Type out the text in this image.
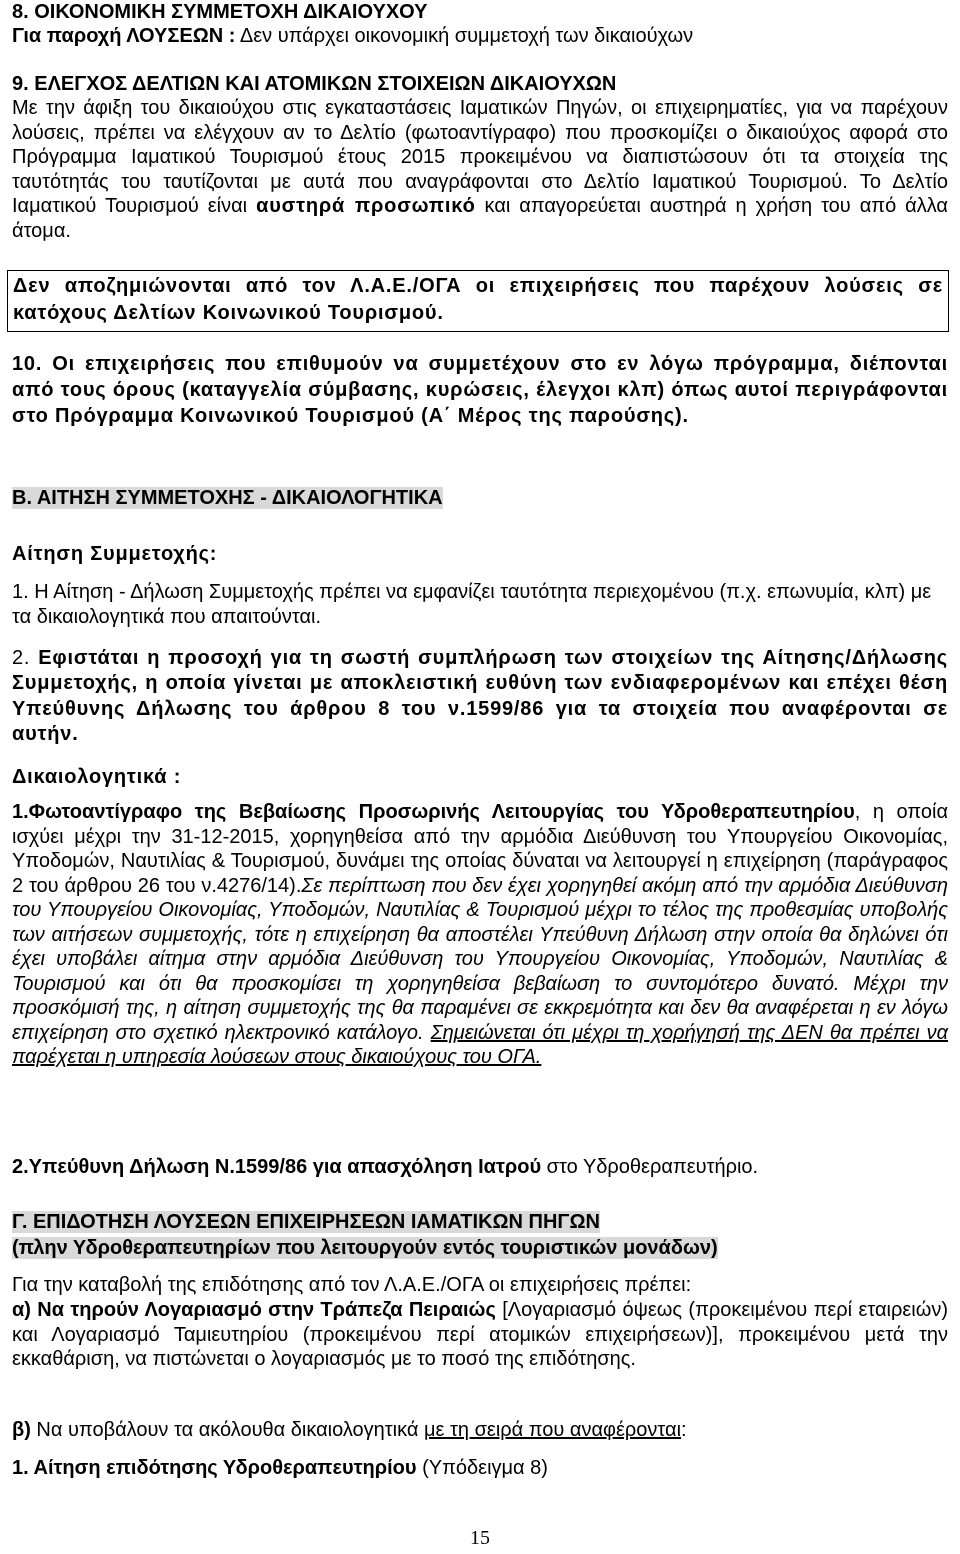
8. ΟΙΚΟΝΟΜΙΚΗ ΣΥΜΜΕΤΟΧΗ ΔΙΚΑΙΟΥΧΟΥ
Για παροχή ΛΟΥΣΕΩΝ : Δεν υπάρχει οικονομική συμμετοχή των δικαιούχων
9. ΕΛΕΓΧΟΣ ΔΕΛΤΙΩΝ ΚΑΙ ΑΤΟΜΙΚΩΝ ΣΤΟΙΧΕΙΩΝ ΔΙΚΑΙΟΥΧΩΝ

Με την άφιξη του δικαιούχου στις εγκαταστάσεις Ιαματικών Πηγών, οι επιχειρηματίες, για να παρέχουν λούσεις, πρέπει να ελέγχουν αν το Δελτίο (φωτοαντίγραφο) που προσκομίζει ο δικαιούχος αφορά στο Πρόγραμμα Ιαματικού Τουρισμού έτους 2015 προκειμένου να διαπιστώσουν ότι τα στοιχεία της ταυτότητάς του ταυτίζονται με αυτά που αναγράφονται στο Δελτίο Ιαματικού Τουρισμού. Το Δελτίο Ιαματικού Τουρισμού είναι αυστηρά προσωπικό και απαγορεύεται αυστηρά η χρήση του από άλλα άτομα.

Δεν αποζημιώνονται από τον Λ.Α.Ε./ΟΓΑ οι επιχειρήσεις που παρέχουν λούσεις σε κατόχους Δελτίων Κοινωνικού Τουρισμού.

10. Οι επιχειρήσεις που επιθυμούν να συμμετέχουν στο εν λόγω πρόγραμμα, διέπονται από τους όρους (καταγγελία σύμβασης, κυρώσεις, έλεγχοι κλπ) όπως αυτοί περιγράφονται στο Πρόγραμμα Κοινωνικού Τουρισμού (Α΄ Μέρος της παρούσης).

Β. ΑΙΤΗΣΗ ΣΥΜΜΕΤΟΧΗΣ - ΔΙΚΑΙΟΛΟΓΗΤΙΚΑ
Αίτηση Συμμετοχής:

1. Η Αίτηση - Δήλωση Συμμετοχής πρέπει να εμφανίζει ταυτότητα περιεχομένου (π.χ. επωνυμία, κλπ) με τα δικαιολογητικά που απαιτούνται.

2. Εφιστάται η προσοχή για τη σωστή συμπλήρωση των στοιχείων της Αίτησης/Δήλωσης Συμμετοχής, η οποία γίνεται με αποκλειστική ευθύνη των ενδιαφερομένων και επέχει θέση Υπεύθυνης Δήλωσης του άρθρου 8 του ν.1599/86 για τα στοιχεία που αναφέρονται σε αυτήν.

Δικαιολογητικά :

1.Φωτοαντίγραφο της Βεβαίωσης Προσωρινής Λειτουργίας του Υδροθεραπευτηρίου, η οποία ισχύει μέχρι την 31-12-2015, χορηγηθείσα από την αρμόδια Διεύθυνση του Υπουργείου Οικονομίας, Υποδομών, Ναυτιλίας & Τουρισμού, δυνάμει της οποίας δύναται να λειτουργεί η επιχείρηση (παράγραφος 2 του άρθρου 26 του ν.4276/14).Σε περίπτωση που δεν έχει χορηγηθεί ακόμη από την αρμόδια Διεύθυνση του Υπουργείου Οικονομίας, Υποδομών, Ναυτιλίας & Τουρισμού μέχρι το τέλος της προθεσμίας υποβολής των αιτήσεων συμμετοχής, τότε η επιχείρηση θα αποστέλει Υπεύθυνη Δήλωση στην οποία θα δηλώνει ότι έχει υποβάλει αίτημα στην αρμόδια Διεύθυνση του Υπουργείου Οικονομίας, Υποδομών, Ναυτιλίας & Τουρισμού και ότι θα προσκομίσει τη χορηγηθείσα βεβαίωση το συντομότερο δυνατό. Μέχρι την προσκόμισή της, η αίτηση συμμετοχής της θα παραμένει σε εκκρεμότητα και δεν θα αναφέρεται η εν λόγω επιχείρηση στο σχετικό ηλεκτρονικό κατάλογο. Σημειώνεται ότι μέχρι τη χορήγησή της ΔΕΝ θα πρέπει να παρέχεται η υπηρεσία λούσεων στους δικαιούχους του ΟΓΑ.

2.Υπεύθυνη Δήλωση Ν.1599/86 για απασχόληση Ιατρού στο Υδροθεραπευτήριο.
Γ. ΕΠΙΔΟΤΗΣΗ ΛΟΥΣΕΩΝ ΕΠΙΧΕΙΡΗΣΕΩΝ ΙΑΜΑΤΙΚΩΝ ΠΗΓΩΝ
(πλην Υδροθεραπευτηρίων που λειτουργούν εντός τουριστικών μονάδων)
Για την καταβολή της επιδότησης από τον Λ.Α.Ε./ΟΓΑ οι επιχειρήσεις πρέπει:

α) Να τηρούν Λογαριασμό στην Τράπεζα Πειραιώς [Λογαριασμό όψεως (προκειμένου περί εταιρειών) και Λογαριασμό Ταμιευτηρίου (προκειμένου περί ατομικών επιχειρήσεων)], προκειμένου μετά την εκκαθάριση, να πιστώνεται ο λογαριασμός με το ποσό της επιδότησης.

β) Να υποβάλουν τα ακόλουθα δικαιολογητικά με τη σειρά που αναφέρονται:
1. Αίτηση επιδότησης Υδροθεραπευτηρίου (Υπόδειγμα 8)
15
